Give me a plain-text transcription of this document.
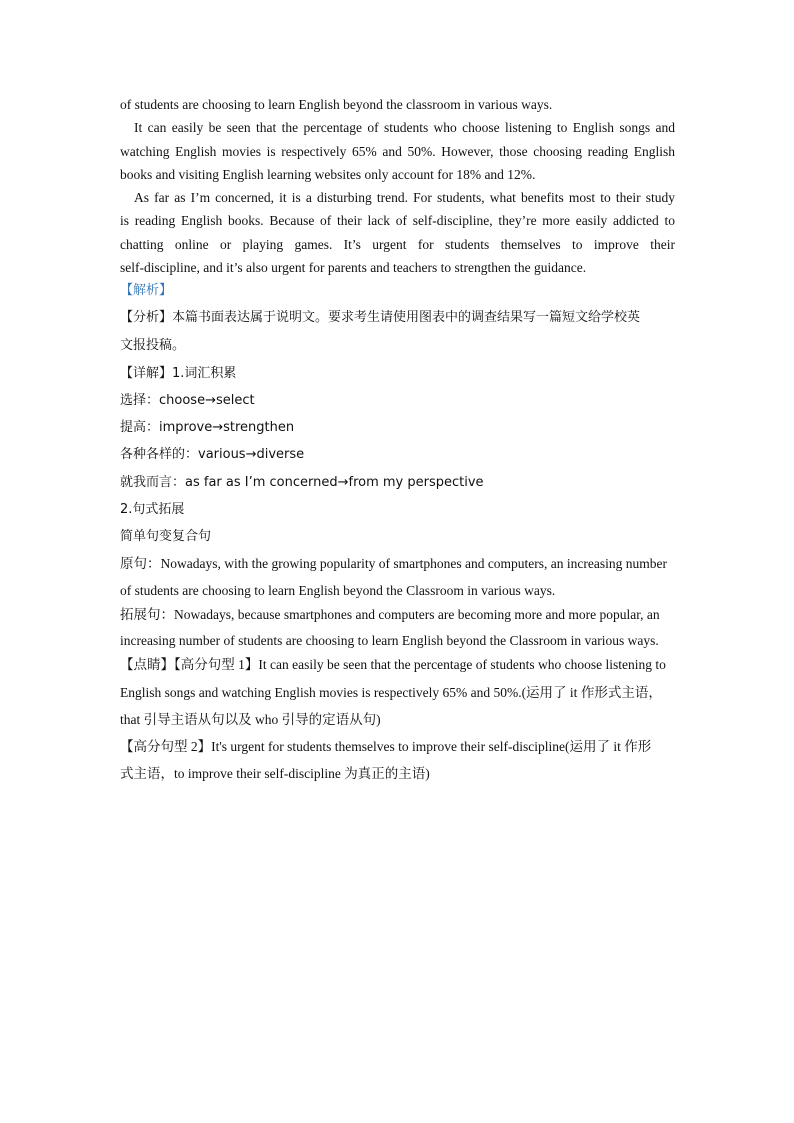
of students are choosing to learn English beyond the classroom in various ways.
It can easily be seen that the percentage of students who choose listening to English songs and
watching English movies is respectively 65% and 50%. However, those choosing reading English
books and visiting English learning websites only account for 18% and 12%.
As far as I’m concerned, it is a disturbing trend. For students, what benefits most to their study
is reading English books. Because of their lack of self-discipline, they’re more easily addicted to
chatting online or playing games. It’s urgent for students themselves to improve their
self-discipline, and it’s also urgent for parents and teachers to strengthen the guidance.
【解析】
【分析】本篇书面表达属于说明文。要求考生请使用图表中的调查结果写一篇短文给学校英
文报投稿。
【详解】1.词汇积累
选择：choose→select
提高：improve→strengthen
各种各样的：various→diverse
就我而言：as far as I’m concerned→from my perspective
2.句式拓展
简单句变复合句
原句：Nowadays, with the growing popularity of smartphones and computers, an increasing number
of students are choosing to learn English beyond the Classroom in various ways.
拓展句：Nowadays, because smartphones and computers are becoming more and more popular, an
increasing number of students are choosing to learn English beyond the Classroom in various ways.
【点睛】【高分句型 1】It can easily be seen that the percentage of students who choose listening to
English songs and watching English movies is respectively 65% and 50%.(运用了 it 作形式主语，
that 引导主语从句以及 who 引导的定语从句)
【高分句型 2】It's urgent for students themselves to improve their self-discipline(运用了 it 作形
式主语，to improve their self-discipline 为真正的主语)
